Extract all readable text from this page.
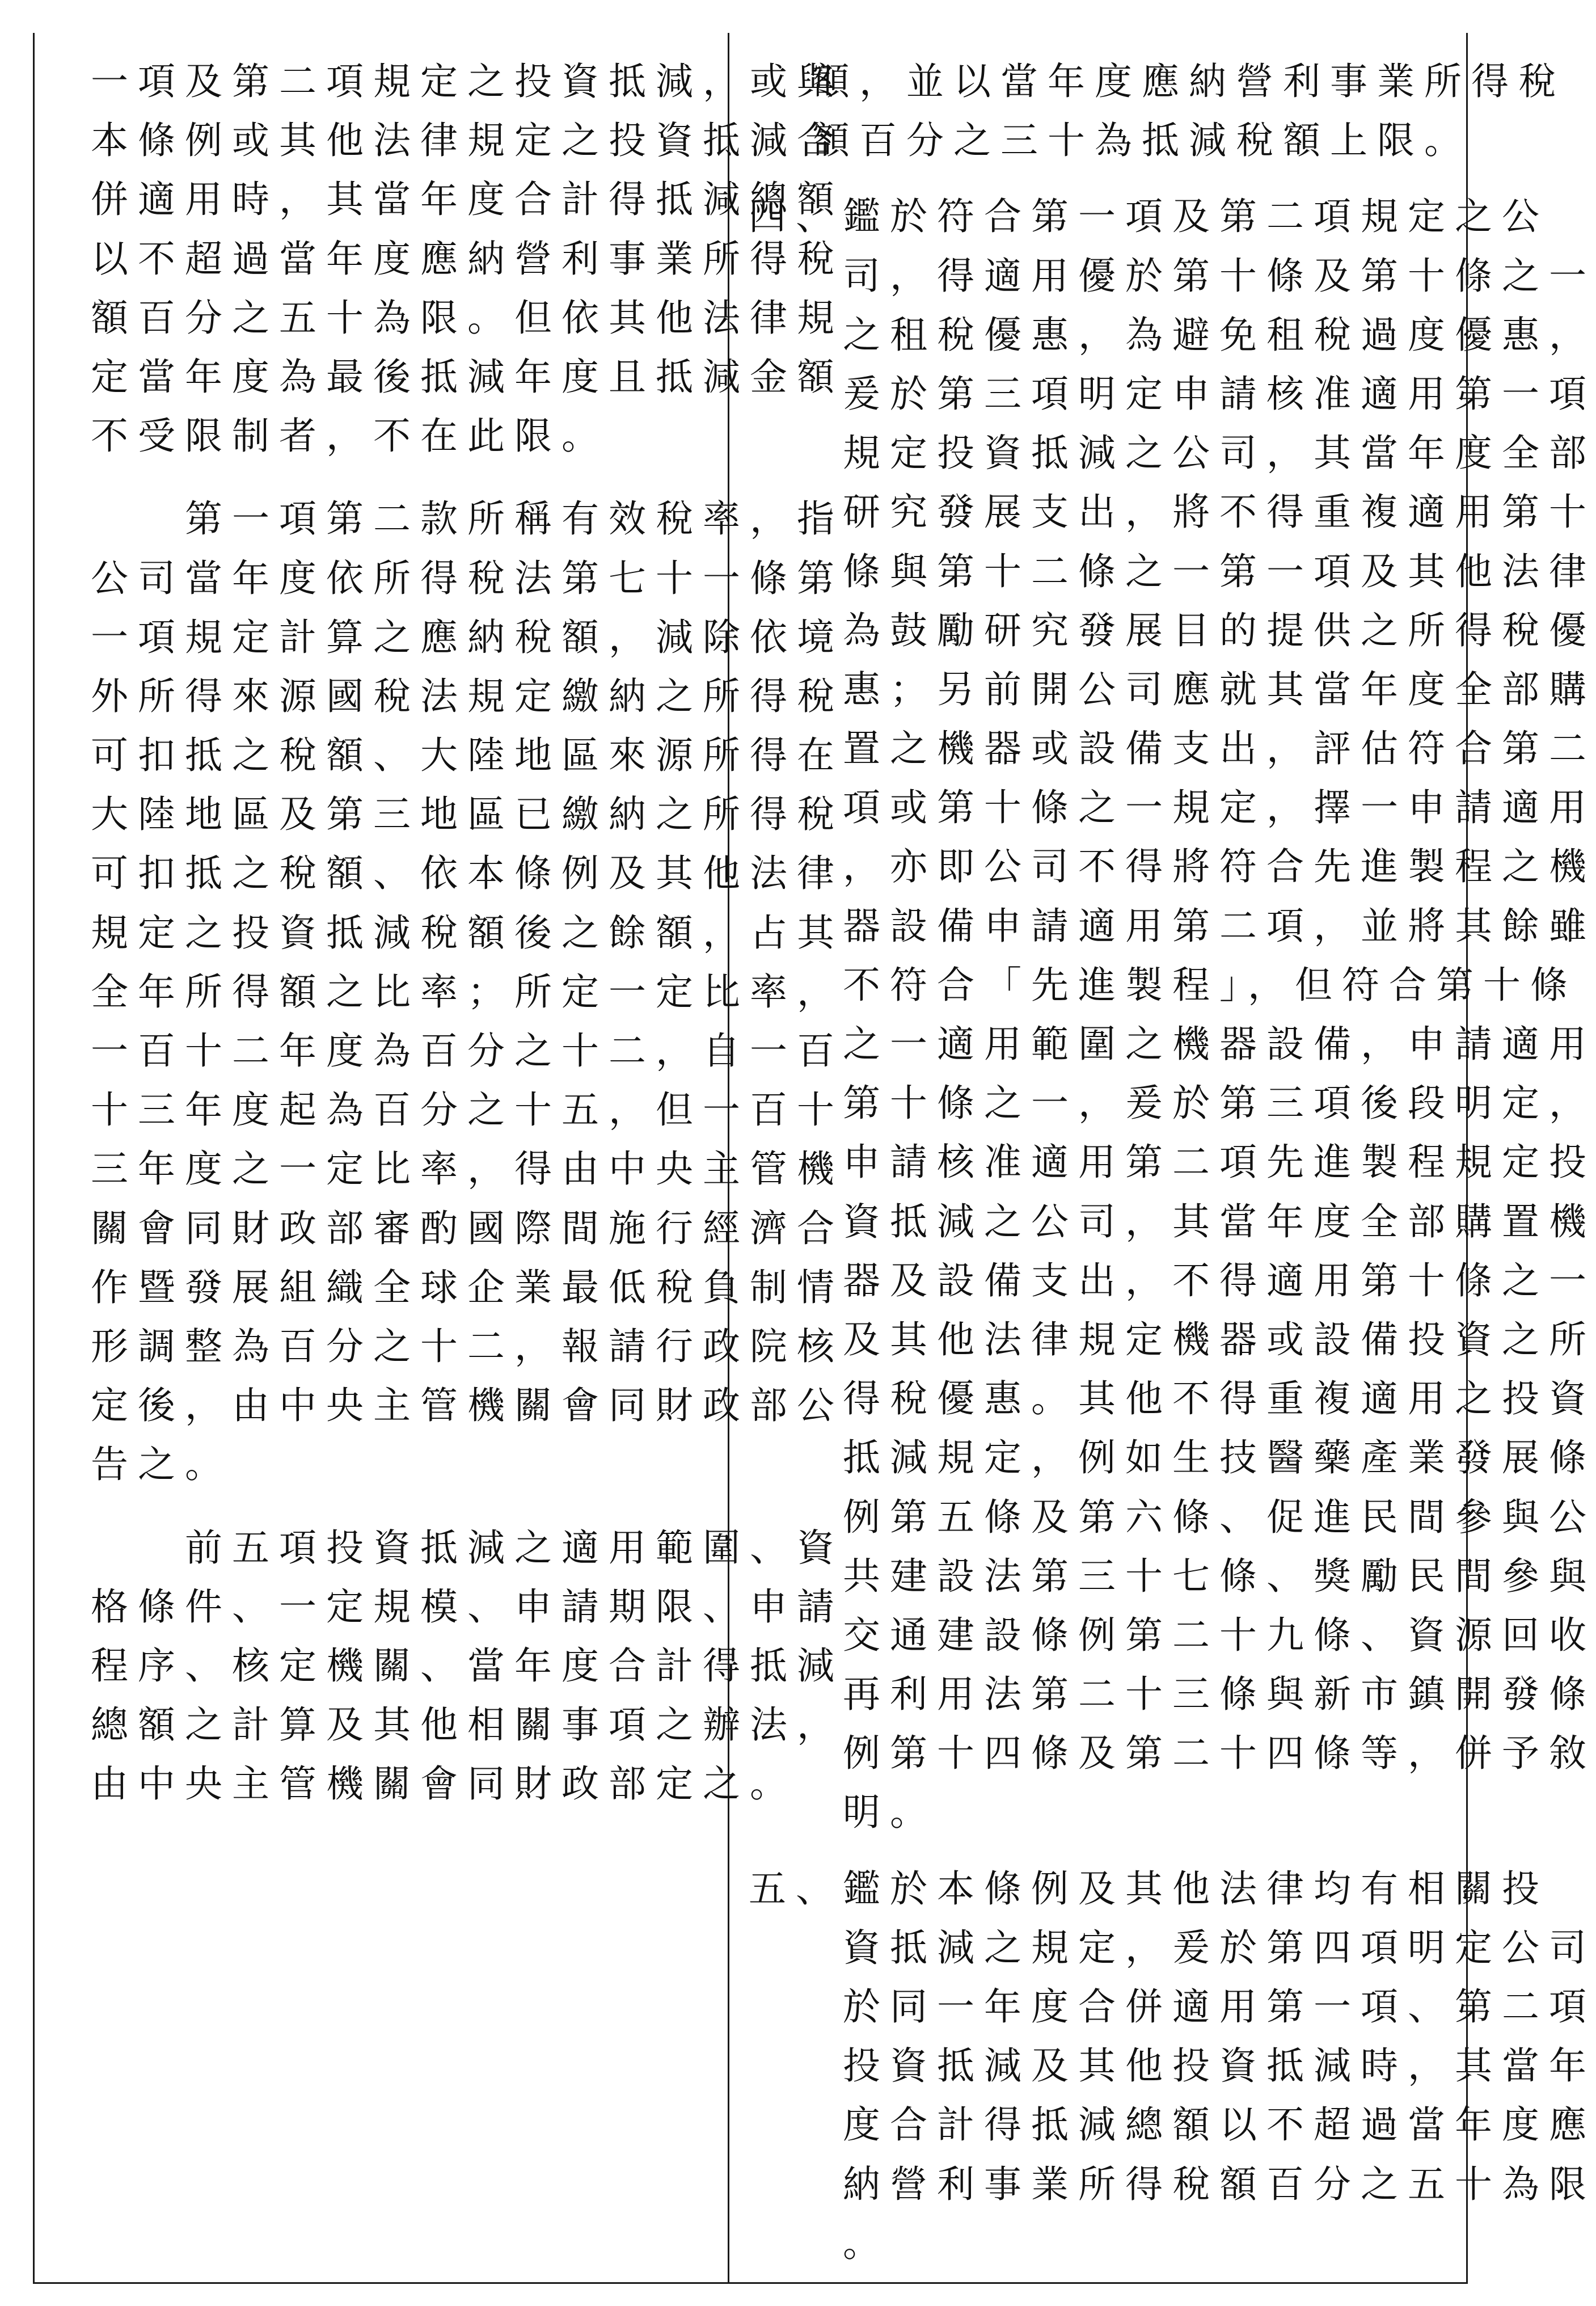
一項及第二項規定之投資抵減，或與
本條例或其他法律規定之投資抵減合
併適用時，其當年度合計得抵減總額
以不超過當年度應納營利事業所得稅
額百分之五十為限。但依其他法律規
定當年度為最後抵減年度且抵減金額
不受限制者，不在此限。
　　第一項第二款所稱有效稅率，指
公司當年度依所得稅法第七十一條第
一項規定計算之應納稅額，減除依境
外所得來源國稅法規定繳納之所得稅
可扣抵之稅額、大陸地區來源所得在
大陸地區及第三地區已繳納之所得稅
可扣抵之稅額、依本條例及其他法律
規定之投資抵減稅額後之餘額，占其
全年所得額之比率；所定一定比率，
一百十二年度為百分之十二，自一百
十三年度起為百分之十五，但一百十
三年度之一定比率，得由中央主管機
關會同財政部審酌國際間施行經濟合
作暨發展組織全球企業最低稅負制情
形調整為百分之十二，報請行政院核
定後，由中央主管機關會同財政部公
告之。
　　前五項投資抵減之適用範圍、資
格條件、一定規模、申請期限、申請
程序、核定機關、當年度合計得抵減
總額之計算及其他相關事項之辦法，
由中央主管機關會同財政部定之。
額，並以當年度應納營利事業所得稅
額百分之三十為抵減稅額上限。
四、鑑於符合第一項及第二項規定之公
　　司，得適用優於第十條及第十條之一
　　之租稅優惠，為避免租稅過度優惠，
　　爰於第三項明定申請核准適用第一項
　　規定投資抵減之公司，其當年度全部
　　研究發展支出，將不得重複適用第十
　　條與第十二條之一第一項及其他法律
　　為鼓勵研究發展目的提供之所得稅優
　　惠；另前開公司應就其當年度全部購
　　置之機器或設備支出，評估符合第二
　　項或第十條之一規定，擇一申請適用
　　，亦即公司不得將符合先進製程之機
　　器設備申請適用第二項，並將其餘雖
　　不符合「先進製程」，但符合第十條
　　之一適用範圍之機器設備，申請適用
　　第十條之一，爰於第三項後段明定，
　　申請核准適用第二項先進製程規定投
　　資抵減之公司，其當年度全部購置機
　　器及設備支出，不得適用第十條之一
　　及其他法律規定機器或設備投資之所
　　得稅優惠。其他不得重複適用之投資
　　抵減規定，例如生技醫藥產業發展條
　　例第五條及第六條、促進民間參與公
　　共建設法第三十七條、獎勵民間參與
　　交通建設條例第二十九條、資源回收
　　再利用法第二十三條與新市鎮開發條
　　例第十四條及第二十四條等，併予敘
　　明。
五、鑑於本條例及其他法律均有相關投
　　資抵減之規定，爰於第四項明定公司
　　於同一年度合併適用第一項、第二項
　　投資抵減及其他投資抵減時，其當年
　　度合計得抵減總額以不超過當年度應
　　納營利事業所得稅額百分之五十為限
　　。
